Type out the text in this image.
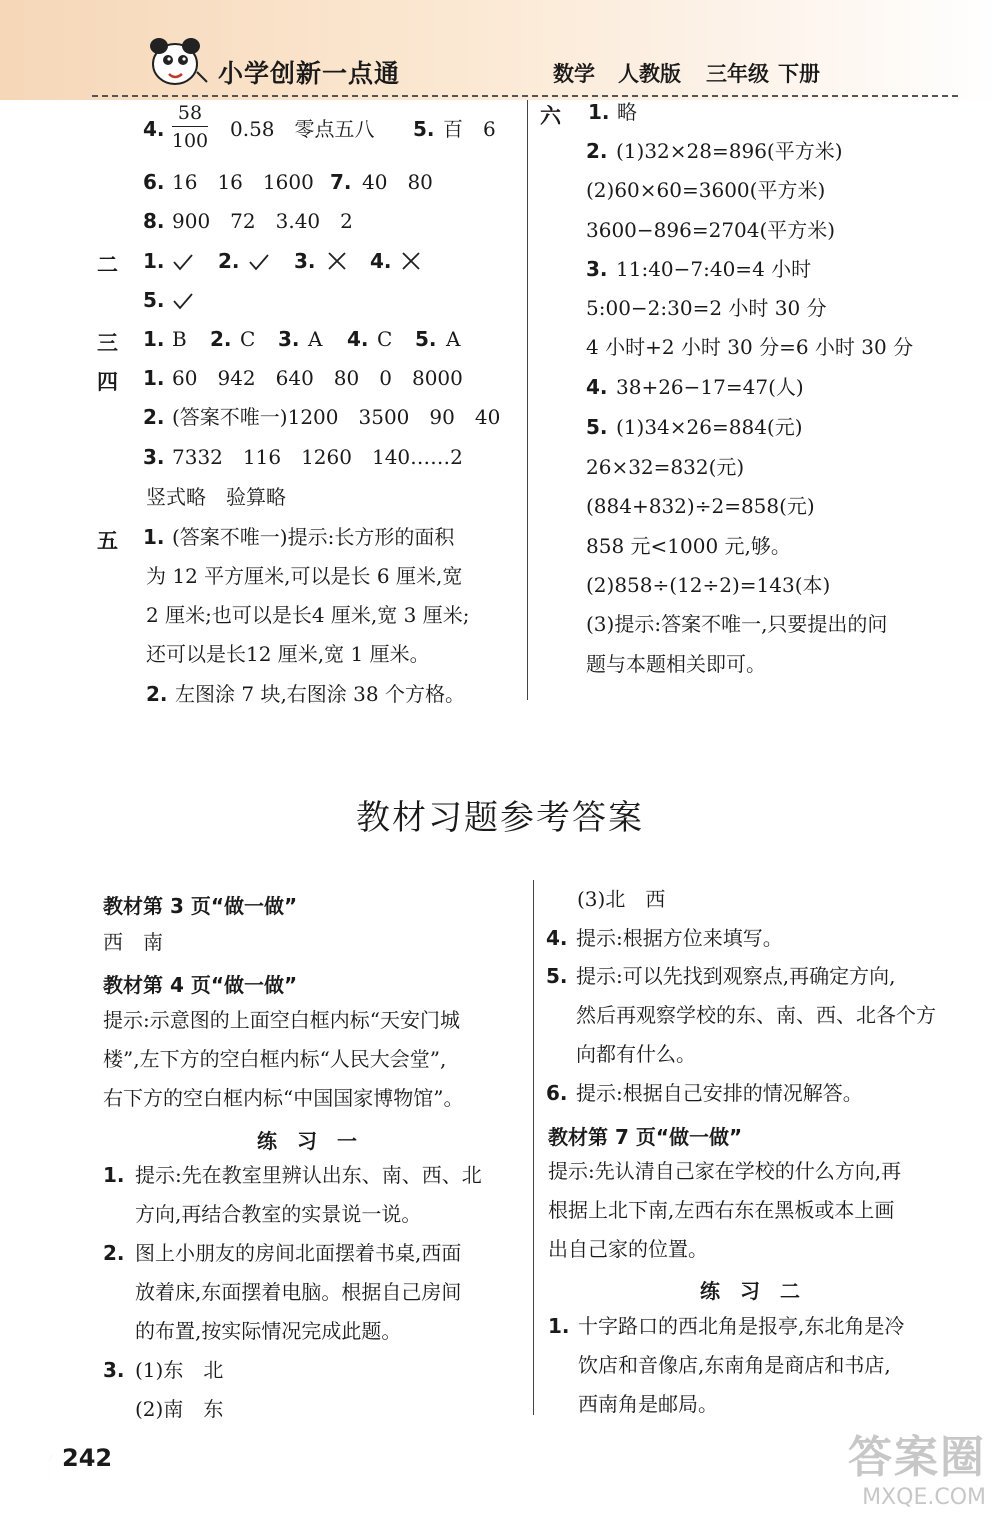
小学创新一点通	数学 人教版 三年级 下册
4.
58
100 0.58　零点五八 5. 百　6
6. 16　16　1600 7. 40　80
8. 900　72　3.40　2
二 1.	2.	3.	4.
5.
三 1. B 2. C 3. A 4. C 5. A
四 1. 60　942　640　80　0　8000
2. (答案不唯一)1200　3500　90　40
3. 7332　116　1260　140……2
竖式略　验算略
五 1. (答案不唯一)提示:长方形的面积
为 12 平方厘米,可以是长 6 厘米,宽
2 厘米;也可以是长4 厘米,宽 3 厘米;
还可以是长12 厘米,宽 1 厘米。
2. 左图涂 7 块,右图涂 38 个方格。
六 1. 略
2. (1)32×28=896(平方米)
(2)60×60=3600(平方米)
3600−896=2704(平方米)
3. 11:40−7:40=4 小时
5:00−2:30=2 小时 30 分
4 小时+2 小时 30 分=6 小时 30 分
4. 38+26−17=47(人)
5. (1)34×26=884(元)
26×32=832(元)
(884+832)÷2=858(元)
858 元<1000 元,够。
(2)858÷(12÷2)=143(本)
(3)提示:答案不唯一,只要提出的问
题与本题相关即可。
教材习题参考答案
教材第 3 页“做一做”
西　南
教材第 4 页“做一做”
提示:示意图的上面空白框内标“天安门城
楼”,左下方的空白框内标“人民大会堂”,
右下方的空白框内标“中国国家博物馆”。
练　习　一
1. 提示:先在教室里辨认出东、南、西、北
方向,再结合教室的实景说一说。
2. 图上小朋友的房间北面摆着书桌,西面
放着床,东面摆着电脑。根据自己房间
的布置,按实际情况完成此题。
3. (1)东　北
(2)南　东
(3)北　西
4. 提示:根据方位来填写。
5. 提示:可以先找到观察点,再确定方向,
然后再观察学校的东、南、西、北各个方
向都有什么。
6. 提示:根据自己安排的情况解答。
教材第 7 页“做一做”
提示:先认清自己家在学校的什么方向,再
根据上北下南,左西右东在黑板或本上画
出自己家的位置。
练　习　二
1. 十字路口的西北角是报亭,东北角是冷
饮店和音像店,东南角是商店和书店,
西南角是邮局。
242	答案圈
MXQE.COM
